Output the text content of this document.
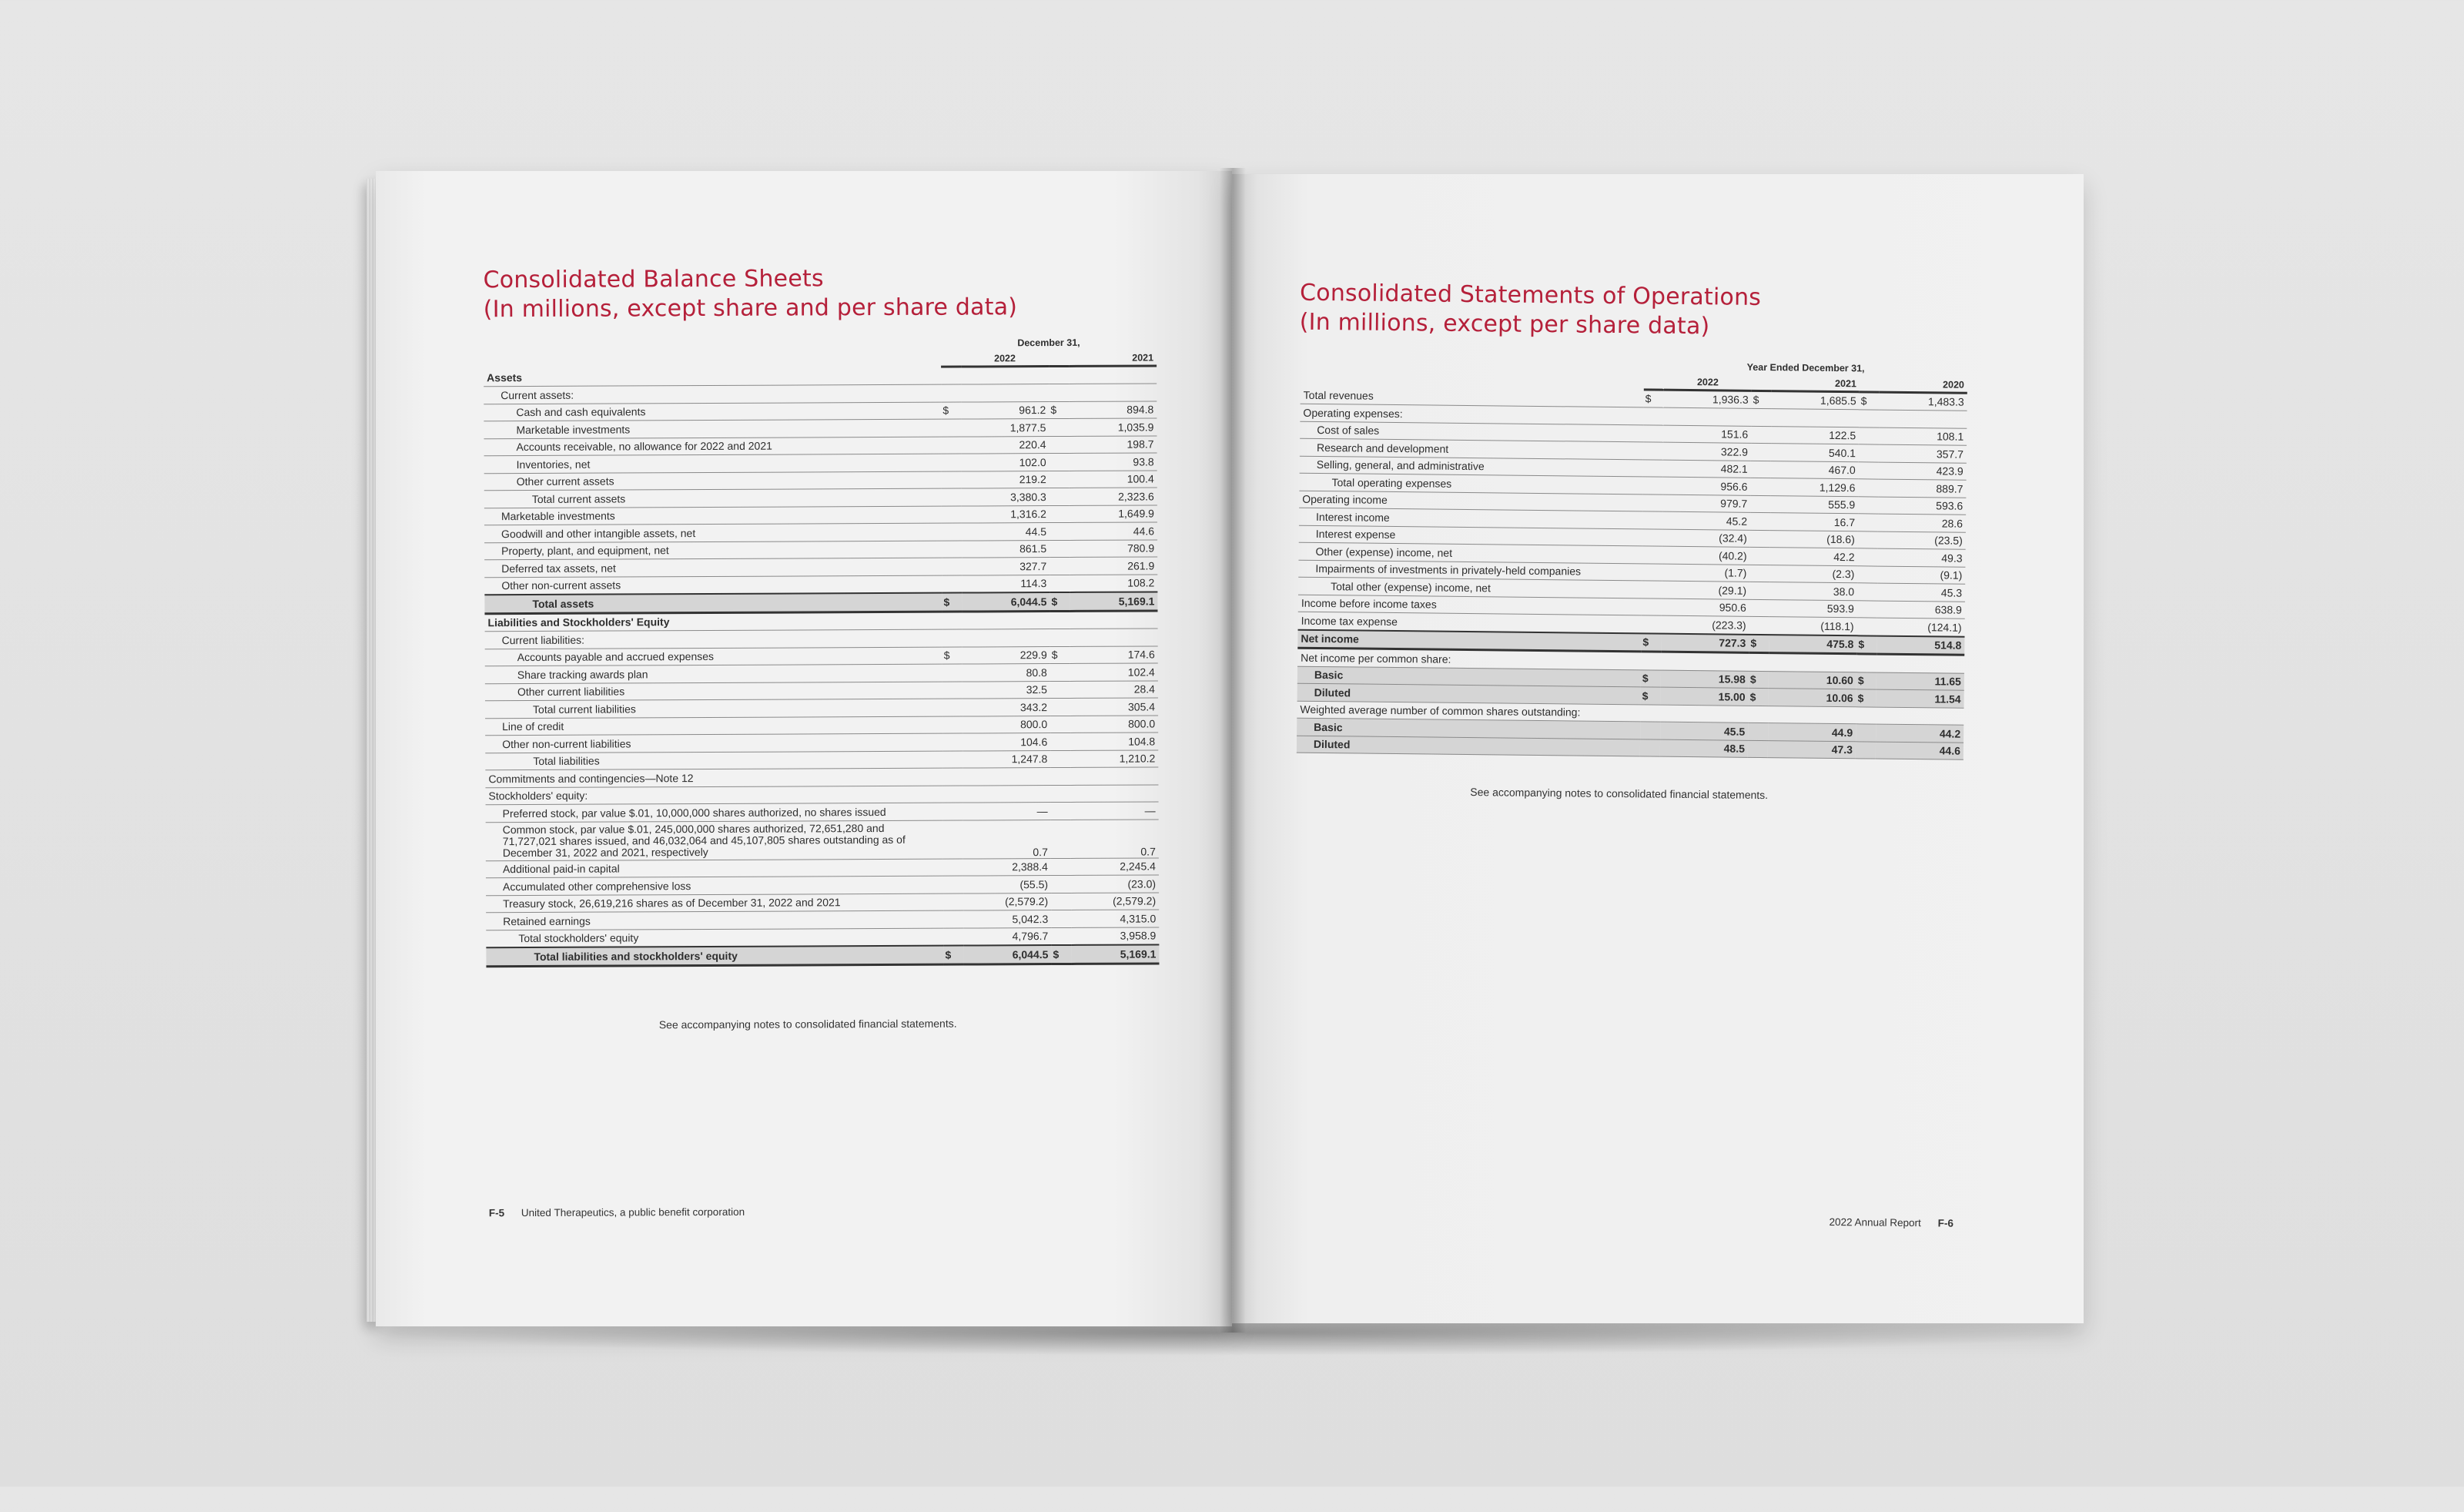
Consolidated Balance Sheets
(In millions, except share and per share data)
	December 31,			
		2022		2021
Assets				
Current assets:				
Cash and cash equivalents	$	961.2	$	894.8
Marketable investments		1,877.5		1,035.9
Accounts receivable, no allowance for 2022 and 2021		220.4		198.7
Inventories, net		102.0		93.8
Other current assets		219.2		100.4
Total current assets		3,380.3		2,323.6
Marketable investments		1,316.2		1,649.9
Goodwill and other intangible assets, net		44.5		44.6
Property, plant, and equipment, net		861.5		780.9
Deferred tax assets, net		327.7		261.9
Other non-current assets		114.3		108.2
Total assets	$	6,044.5	$	5,169.1
Liabilities and Stockholders' Equity				
Current liabilities:				
Accounts payable and accrued expenses	$	229.9	$	174.6
Share tracking awards plan		80.8		102.4
Other current liabilities		32.5		28.4
Total current liabilities		343.2		305.4
Line of credit		800.0		800.0
Other non-current liabilities		104.6		104.8
Total liabilities		1,247.8		1,210.2
Commitments and contingencies—Note 12				
Stockholders' equity:				
Preferred stock, par value $.01, 10,000,000 shares authorized, no shares issued		—		—
Common stock, par value $.01, 245,000,000 shares authorized, 72,651,280 and 71,727,021 shares issued, and 46,032,064 and 45,107,805 shares outstanding as of December 31, 2022 and 2021, respectively		0.7		0.7
Additional paid-in capital		2,388.4		2,245.4
Accumulated other comprehensive loss		(55.5)		(23.0)
Treasury stock, 26,619,216 shares as of December 31, 2022 and 2021		(2,579.2)		(2,579.2)
Retained earnings		5,042.3		4,315.0
Total stockholders' equity		4,796.7		3,958.9
Total liabilities and stockholders' equity	$	6,044.5	$	5,169.1
See accompanying notes to consolidated financial statements.
F-5 United Therapeutics, a public benefit corporation
Consolidated Statements of Operations
(In millions, except per share data)
	Year Ended December 31,					
		2022		2021		2020
Total revenues	$	1,936.3	$	1,685.5	$	1,483.3
Operating expenses:						
Cost of sales		151.6		122.5		108.1
Research and development		322.9		540.1		357.7
Selling, general, and administrative		482.1		467.0		423.9
Total operating expenses		956.6		1,129.6		889.7
Operating income		979.7		555.9		593.6
Interest income		45.2		16.7		28.6
Interest expense		(32.4)		(18.6)		(23.5)
Other (expense) income, net		(40.2)		42.2		49.3
Impairments of investments in privately-held companies		(1.7)		(2.3)		(9.1)
Total other (expense) income, net		(29.1)		38.0		45.3
Income before income taxes		950.6		593.9		638.9
Income tax expense		(223.3)		(118.1)		(124.1)
Net income	$	727.3	$	475.8	$	514.8
Net income per common share:						
Basic	$	15.98	$	10.60	$	11.65
Diluted	$	15.00	$	10.06	$	11.54
Weighted average number of common shares outstanding:						
Basic		45.5		44.9		44.2
Diluted		48.5		47.3		44.6
See accompanying notes to consolidated financial statements.
2022 Annual Report F-6
